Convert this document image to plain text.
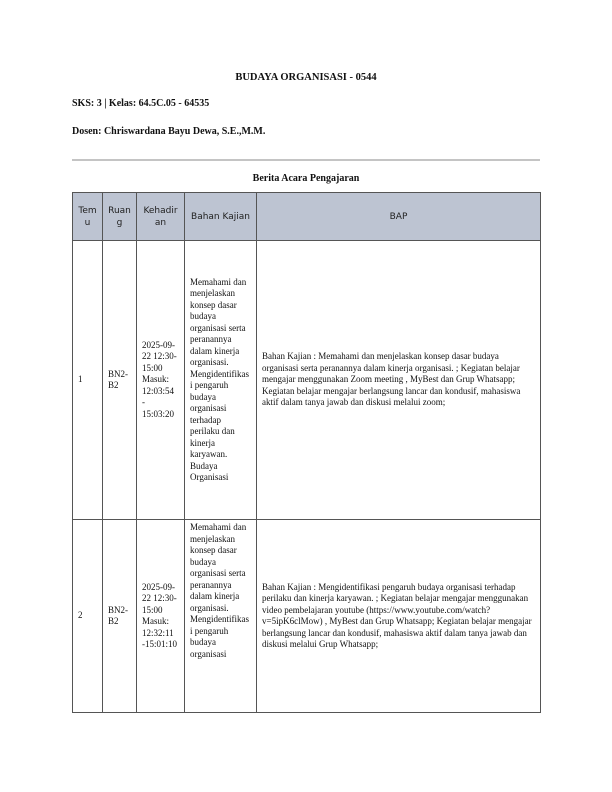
BUDAYA ORGANISASI - 0544
SKS: 3 | Kelas: 64.5C.05 - 64535
Dosen: Chriswardana Bayu Dewa, S.E.,M.M.
Berita Acara Pengajaran
Temu	Ruang	Kehadiran	Bahan Kajian	BAP
1	BN2-B2	2025-09-22 12:30-15:00 Masuk: 12:03:54 - 15:03:20	Memahami dan menjelaskan konsep dasar budaya organisasi serta peranannya dalam kinerja organisasi. Mengidentifikasi pengaruh budaya organisasi terhadap perilaku dan kinerja karyawan. Budaya Organisasi	Bahan Kajian : Memahami dan menjelaskan konsep dasar budaya organisasi serta peranannya dalam kinerja organisasi. ; Kegiatan belajar mengajar menggunakan Zoom meeting , MyBest dan Grup Whatsapp; Kegiatan belajar mengajar berlangsung lancar dan kondusif, mahasiswa aktif dalam tanya jawab dan diskusi melalui zoom;
2	BN2-B2	2025-09-22 12:30-15:00 Masuk: 12:32:11 -15:01:10	Memahami dan menjelaskan konsep dasar budaya organisasi serta peranannya dalam kinerja organisasi. Mengidentifikasi pengaruh budaya organisasi	Bahan Kajian : Mengidentifikasi pengaruh budaya organisasi terhadap perilaku dan kinerja karyawan. ; Kegiatan belajar mengajar menggunakan video pembelajaran youtube (https://www.youtube.com/watch?v=5ipK6clMow) , MyBest dan Grup Whatsapp; Kegiatan belajar mengajar berlangsung lancar dan kondusif, mahasiswa aktif dalam tanya jawab dan diskusi melalui Grup Whatsapp;
